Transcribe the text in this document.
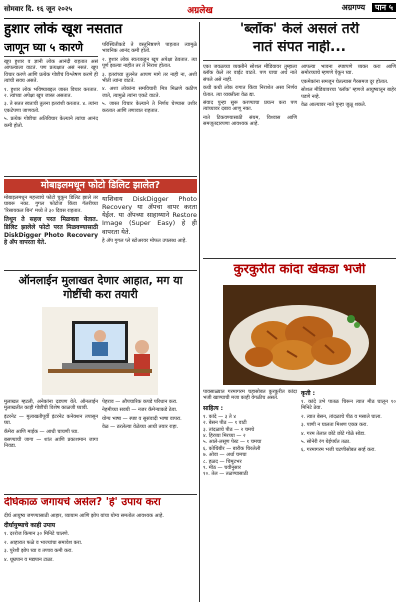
सोमवार दि. १६ जून २०२५	अग्रलेख	अग्रगण्य पान ५
हुशार लोकं खूश नसतात
जाणून घ्या ५ कारणे

खूप हुशार व ज्ञानी लोक आनंदी राहतात असं आपल्याला वाटतं. पण प्रत्यक्षात असं नसतं. खूप विचार करणे आणि प्रत्येक गोष्टीचं विश्लेषण करणे ही त्यांची सवय असते.

१. हुशार लोक भविष्याबद्दल जास्त विचार करतात. २. त्यांच्या अपेक्षा खूप जास्त असतात.

३. ते सतत स्वतःची तुलना इतरांशी करतात. ४. त्यांना एकटेपणा जाणवतो.

५. प्रत्येक गोष्टीचा अतिविचार केल्याने त्यांचा आनंद कमी होतो.

परिस्थितीकडे ते वस्तुनिष्ठपणे पाहतात त्यामुळे भावनिक आनंद कमी होतो.

२. हुशार लोक स्वतःकडून खूप अपेक्षा ठेवतात. त्या पूर्ण झाल्या नाहीत तर ते निराश होतात.

३. इतरांच्या तुलनेत आपण मागे तर नाही ना, अशी भीती त्यांना वाटते.

४. अशा लोकांना समविचारी मित्र मिळणे कठीण जाते, त्यामुळे त्यांना एकटे वाटते.

५. जास्त विचार केल्याने ते निर्णय घेण्यास उशीर करतात आणि तणावात राहतात.

मोबाइलमधून फोटो डिलिट झालेत?

मोबाइलमधून महत्त्वाचे फोटो चुकून डिलिट झाले तर घाबरू नका. गुगल फोटोज किंवा गॅलरीच्या 'रिसायकल बिन' मध्ये ते ३० दिवस राहतात.

तिथून ते सहज परत मिळवता येतात. डिलिट झालेले फोटो परत मिळवण्यासाठी DiskDigger Photo Recovery हे अ‍ॅप वापरता येते.

याशिवाय DiskDigger Photo Recovery या अ‍ॅपचा वापर करता येईल. या अ‍ॅपच्या साहाय्याने Restore Image (Super Easy) हे ही वापरता येते.

हे अ‍ॅप गुगल प्ले स्टोअरवर मोफत उपलब्ध आहे.

ऑनलाईन मुलाखत देणार आहात, मग या गोष्टींची करा तयारी

मुलाखत म्हटली, अनेकांना दडपण येते. ऑनलाईन मुलाखतीत काही गोष्टींची विशेष काळजी घ्यावी.

इंटरनेट — मुलाखतीपूर्वी इंटरनेट कनेक्शन तपासून घ्या.

कॅमेरा आणि माईक — आधी चाचणी घ्या.

बसण्याची जागा — शांत आणि प्रकाशमान जागा निवडा.

पेहराव — औपचारिक कपडे परिधान करा.

नेहमीच्या सवयी — नजर कॅमेऱ्याकडे ठेवा.

योग्य भाषा — स्पष्ट व सुसंवादी भाषा वापरा.

वेळ — ठरलेल्या वेळेच्या आधी तयार राहा.

दीर्घकाळ जगायचे असेल? 'हे' उपाय करा
दीर्घ आयुष्य जगण्यासाठी आहार, व्यायाम आणि झोप यांचा योग्य समतोल आवश्यक आहे.
दीर्घायुष्याचे काही उपाय

१. दररोज किमान ३० मिनिटे चालणे.

२. आहारात फळे व भाज्यांचा समावेश करा.

३. पुरेशी झोप घ्या व तणाव कमी करा.

४. धूम्रपान व मद्यपान टाळा.

'ब्लॉक' केलं असलं तरी
नातं संपत नाही...

एका जवळच्या व्यक्तीने सोशल मीडियावर तुम्हाला ब्लॉक केले तर वाईट वाटते. पण याचा अर्थ नाते संपले असे नाही.

कधी कधी लोक रागात किंवा निराशेत असा निर्णय घेतात. त्या व्यक्तीला वेळ द्या.

संवाद पुन्हा सुरू करण्याचा प्रयत्न करा पण त्यांच्यावर दबाव आणू नका.

नाते टिकवण्यासाठी संयम, विश्वास आणि समजूतदारपणा आवश्यक आहे.

आपल्या भावना स्पष्टपणे व्यक्त करा आणि समोरच्याचे म्हणणे ऐकून घ्या.

एकमेकांना समजून घेतल्यास गैरसमज दूर होतात.

सोशल मीडियावरचा 'ब्लॉक' म्हणजे आयुष्यातून बाहेर पडणे नव्हे.

वेळ आल्यावर नाते पुन्हा जुळू शकते.

कुरकुरीत कांदा खेकडा भजी
पावसाळ्यात गरमागरम चहासोबत कुरकुरीत कांदा भजी खाण्याची मजा काही वेगळीच असते.
साहित्य :
१. कांदे — ३ ते ४
२. बेसन पीठ — १ वाटी
३. तांदळाचे पीठ — २ चमचे
४. हिरव्या मिरच्या — २
५. आले-लसूण पेस्ट — १ चमचा
६. कोथिंबीर — बारीक चिरलेली
७. ओवा — अर्धा चमचा
८. हळद — चिमूटभर
९. मीठ — चवीनुसार
१०. तेल — तळण्यासाठी
कृती :

१. कांदे उभे पातळ चिरून त्यात मीठ घालून १० मिनिटे ठेवा.

२. त्यात बेसन, तांदळाचे पीठ व मसाले घाला.

३. पाणी न घालता मिश्रण एकत्र करा.

४. गरम तेलात छोटे छोटे गोळे सोडा.

५. सोनेरी रंग येईपर्यंत तळा.

६. गरमागरम भजी चटणीसोबत सर्व्ह करा.
